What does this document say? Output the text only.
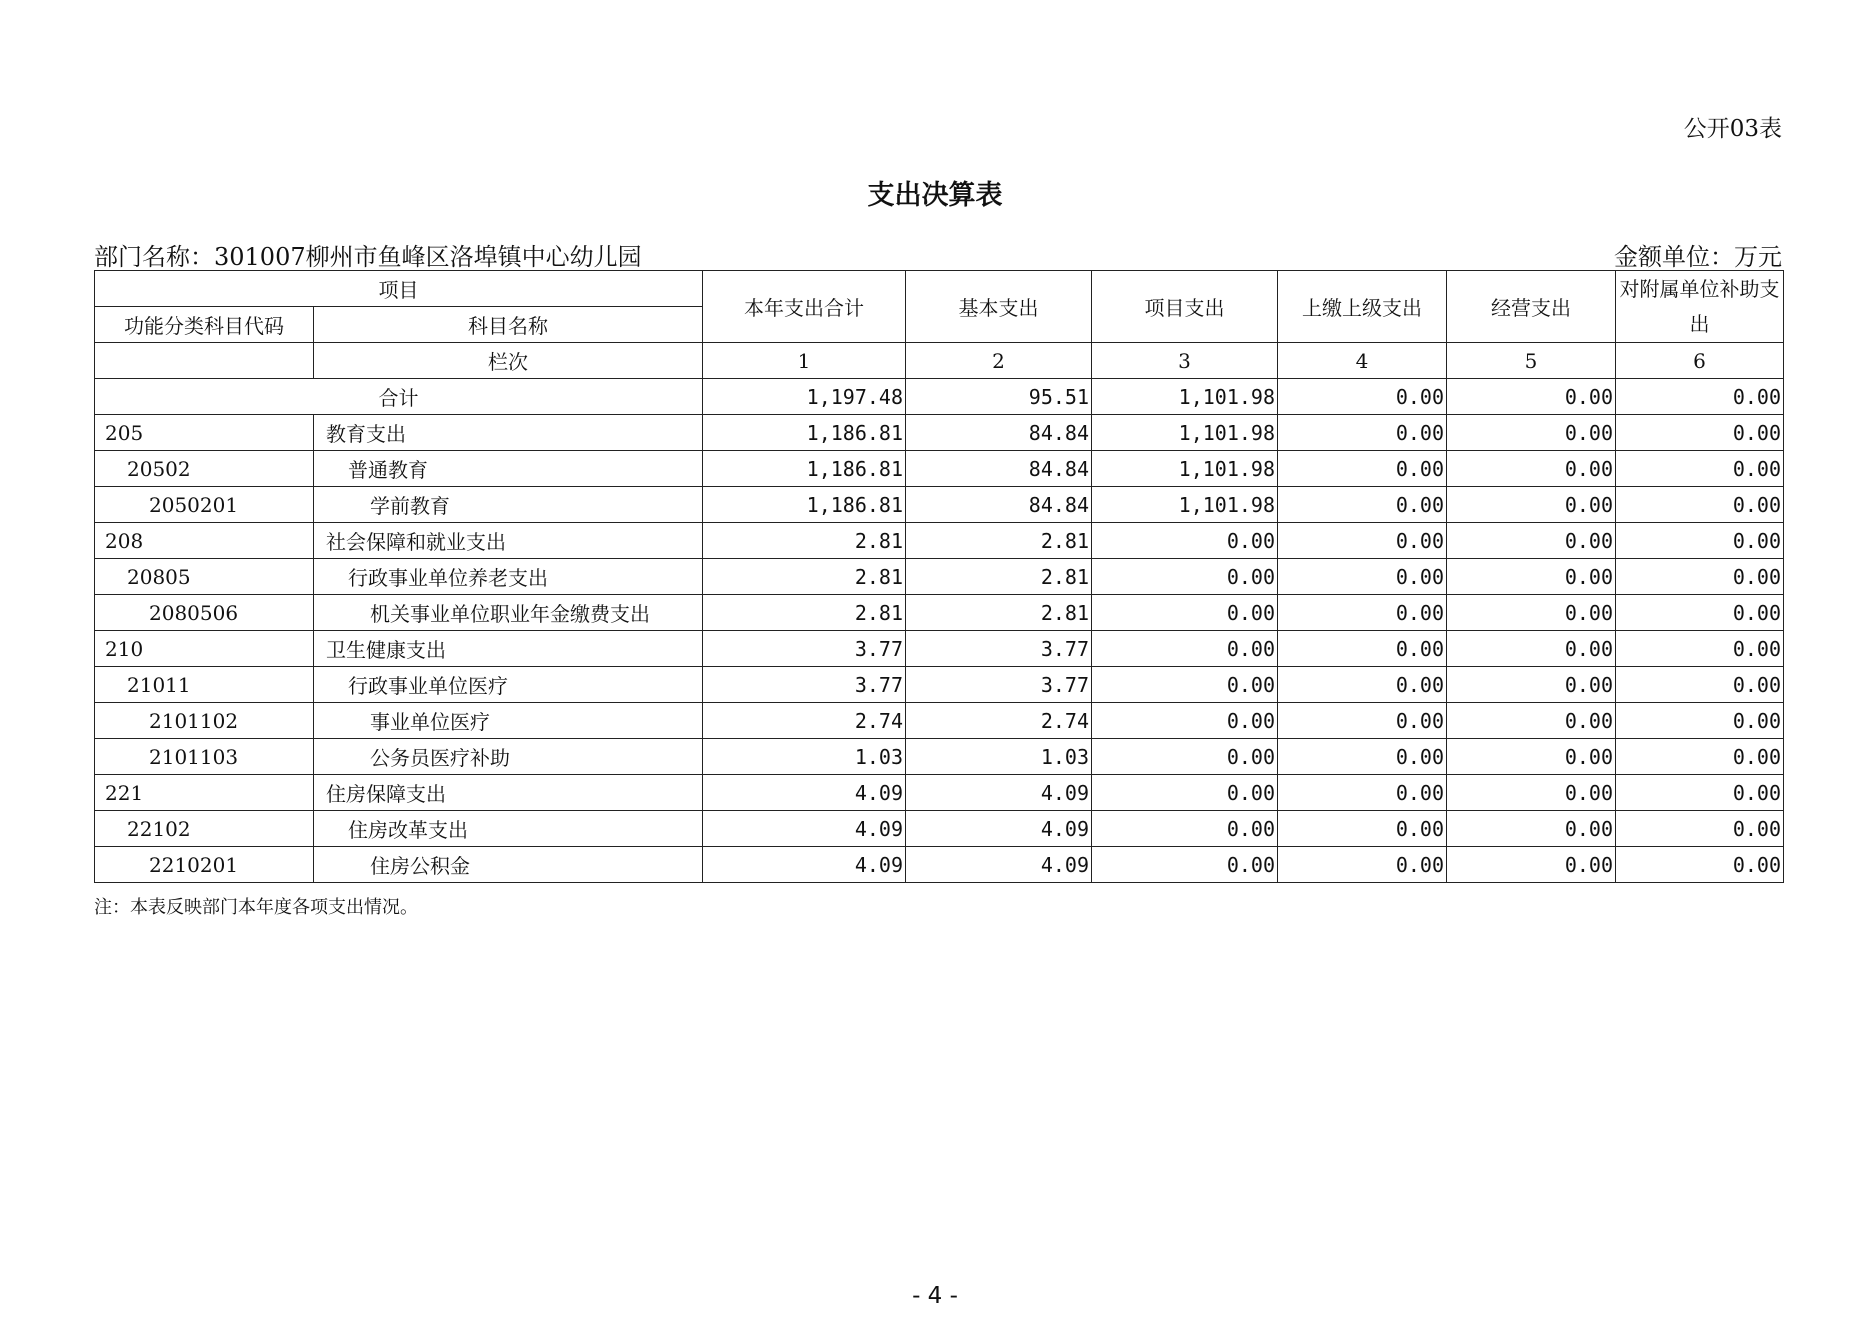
公开03表
支出决算表
部门名称：301007柳州市鱼峰区洛埠镇中心幼儿园	金额单位：万元
项目		本年支出合计	基本支出	项目支出	上缴上级支出	经营支出	对附属单位补助支出
功能分类科目代码	科目名称						
	栏次	1	2	3	4	5	6
合计		1,197.48	95.51	1,101.98	0.00	0.00	0.00
205	教育支出	1,186.81	84.84	1,101.98	0.00	0.00	0.00
20502	普通教育	1,186.81	84.84	1,101.98	0.00	0.00	0.00
2050201	学前教育	1,186.81	84.84	1,101.98	0.00	0.00	0.00
208	社会保障和就业支出	2.81	2.81	0.00	0.00	0.00	0.00
20805	行政事业单位养老支出	2.81	2.81	0.00	0.00	0.00	0.00
2080506	机关事业单位职业年金缴费支出	2.81	2.81	0.00	0.00	0.00	0.00
210	卫生健康支出	3.77	3.77	0.00	0.00	0.00	0.00
21011	行政事业单位医疗	3.77	3.77	0.00	0.00	0.00	0.00
2101102	事业单位医疗	2.74	2.74	0.00	0.00	0.00	0.00
2101103	公务员医疗补助	1.03	1.03	0.00	0.00	0.00	0.00
221	住房保障支出	4.09	4.09	0.00	0.00	0.00	0.00
22102	住房改革支出	4.09	4.09	0.00	0.00	0.00	0.00
2210201	住房公积金	4.09	4.09	0.00	0.00	0.00	0.00
注：本表反映部门本年度各项支出情况。
- 4 -
